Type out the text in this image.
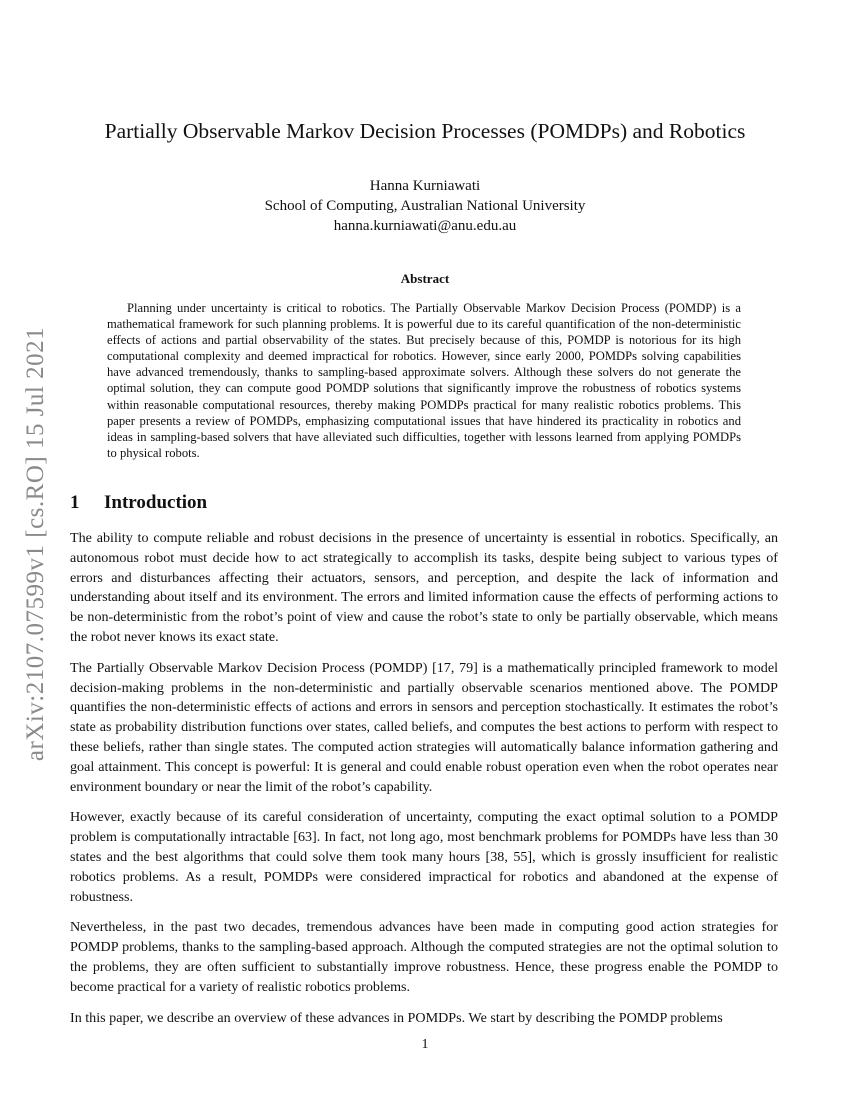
arXiv:2107.07599v1 [cs.RO] 15 Jul 2021
Partially Observable Markov Decision Processes (POMDPs) and Robotics
Hanna Kurniawati
School of Computing, Australian National University
hanna.kurniawati@anu.edu.au
Abstract

Planning under uncertainty is critical to robotics. The Partially Observable Markov Decision Process (POMDP) is a mathematical framework for such planning problems. It is powerful due to its careful quantification of the non-deterministic effects of actions and partial observability of the states. But precisely because of this, POMDP is notorious for its high computational complexity and deemed impractical for robotics. However, since early 2000, POMDPs solving capabilities have advanced tremendously, thanks to sampling-based approximate solvers. Although these solvers do not generate the optimal solution, they can compute good POMDP solutions that significantly improve the robustness of robotics systems within reasonable computational resources, thereby making POMDPs practical for many realistic robotics problems. This paper presents a review of POMDPs, emphasizing computational issues that have hindered its practicality in robotics and ideas in sampling-based solvers that have alleviated such difficulties, together with lessons learned from applying POMDPs to physical robots.

1 Introduction

The ability to compute reliable and robust decisions in the presence of uncertainty is essential in robotics. Specifically, an autonomous robot must decide how to act strategically to accomplish its tasks, despite being subject to various types of errors and disturbances affecting their actuators, sensors, and perception, and despite the lack of information and understanding about itself and its environment. The errors and limited information cause the effects of performing actions to be non-deterministic from the robot’s point of view and cause the robot’s state to only be partially observable, which means the robot never knows its exact state.

The Partially Observable Markov Decision Process (POMDP) [17, 79] is a mathematically principled framework to model decision-making problems in the non-deterministic and partially observable scenarios mentioned above. The POMDP quantifies the non-deterministic effects of actions and errors in sensors and perception stochastically. It estimates the robot’s state as probability distribution functions over states, called beliefs, and computes the best actions to perform with respect to these beliefs, rather than single states. The computed action strategies will automatically balance information gathering and goal attainment. This concept is powerful: It is general and could enable robust operation even when the robot operates near environment boundary or near the limit of the robot’s capability.

However, exactly because of its careful consideration of uncertainty, computing the exact optimal solution to a POMDP problem is computationally intractable [63]. In fact, not long ago, most benchmark problems for POMDPs have less than 30 states and the best algorithms that could solve them took many hours [38, 55], which is grossly insufficient for realistic robotics problems. As a result, POMDPs were considered impractical for robotics and abandoned at the expense of robustness.

Nevertheless, in the past two decades, tremendous advances have been made in computing good action strategies for POMDP problems, thanks to the sampling-based approach. Although the computed strategies are not the optimal solution to the problems, they are often sufficient to substantially improve robustness. Hence, these progress enable the POMDP to become practical for a variety of realistic robotics problems.

In this paper, we describe an overview of these advances in POMDPs. We start by describing the POMDP problems

1
